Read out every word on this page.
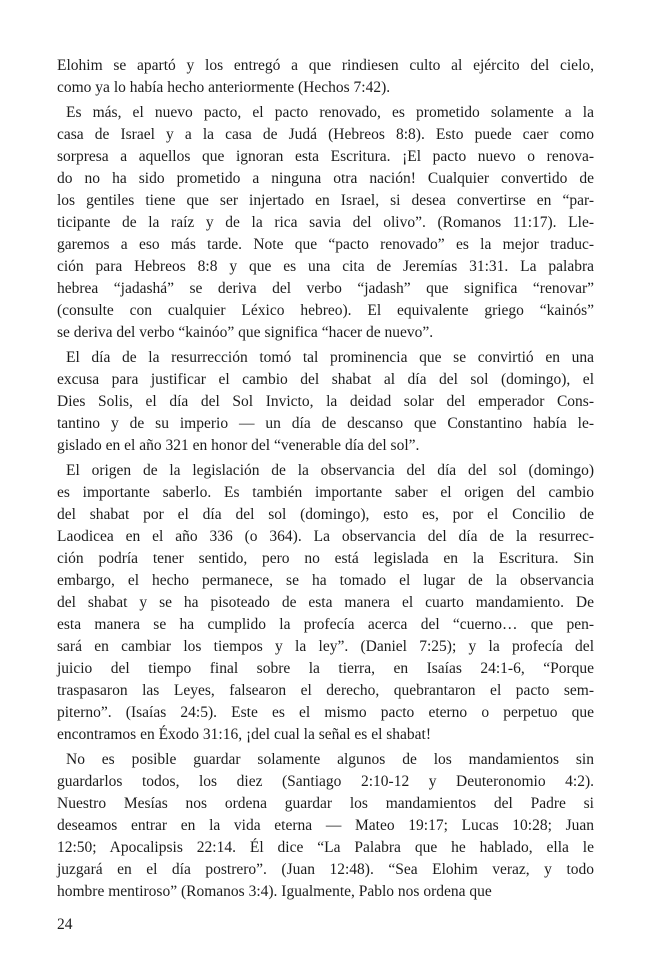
Elohim se apartó y los entregó a que rindiesen culto al ejército del cielo,
como ya lo había hecho anteriormente (Hechos 7:42).
Es más, el nuevo pacto, el pacto renovado, es prometido solamente a la
casa de Israel y a la casa de Judá (Hebreos 8:8). Esto puede caer como
sorpresa a aquellos que ignoran esta Escritura. ¡El pacto nuevo o renova-
do no ha sido prometido a ninguna otra nación! Cualquier convertido de
los gentiles tiene que ser injertado en Israel, si desea convertirse en “par-
ticipante de la raíz y de la rica savia del olivo”. (Romanos 11:17). Lle-
garemos a eso más tarde. Note que “pacto renovado” es la mejor traduc-
ción para Hebreos 8:8 y que es una cita de Jeremías 31:31. La palabra
hebrea “jadashá” se deriva del verbo “jadash” que significa “renovar”
(consulte con cualquier Léxico hebreo). El equivalente griego “kainós”
se deriva del verbo “kainóo” que significa “hacer de nuevo”.
El día de la resurrección tomó tal prominencia que se convirtió en una
excusa para justificar el cambio del shabat al día del sol (domingo), el
Dies Solis, el día del Sol Invicto, la deidad solar del emperador Cons-
tantino y de su imperio — un día de descanso que Constantino había le-
gislado en el año 321 en honor del “venerable día del sol”.
El origen de la legislación de la observancia del día del sol (domingo)
es importante saberlo. Es también importante saber el origen del cambio
del shabat por el día del sol (domingo), esto es, por el Concilio de
Laodicea en el año 336 (o 364). La observancia del día de la resurrec-
ción podría tener sentido, pero no está legislada en la Escritura. Sin
embargo, el hecho permanece, se ha tomado el lugar de la observancia
del shabat y se ha pisoteado de esta manera el cuarto mandamiento. De
esta manera se ha cumplido la profecía acerca del “cuerno… que pen-
sará en cambiar los tiempos y la ley”. (Daniel 7:25); y la profecía del
juicio del tiempo final sobre la tierra, en Isaías 24:1-6, “Porque
traspasaron las Leyes, falsearon el derecho, quebrantaron el pacto sem-
piterno”. (Isaías 24:5). Este es el mismo pacto eterno o perpetuo que
encontramos en Éxodo 31:16, ¡del cual la señal es el shabat!
No es posible guardar solamente algunos de los mandamientos sin
guardarlos todos, los diez (Santiago 2:10-12 y Deuteronomio 4:2).
Nuestro Mesías nos ordena guardar los mandamientos del Padre si
deseamos entrar en la vida eterna — Mateo 19:17; Lucas 10:28; Juan
12:50; Apocalipsis 22:14. Él dice “La Palabra que he hablado, ella le
juzgará en el día postrero”. (Juan 12:48). “Sea Elohim veraz, y todo
hombre mentiroso” (Romanos 3:4). Igualmente, Pablo nos ordena que
24
